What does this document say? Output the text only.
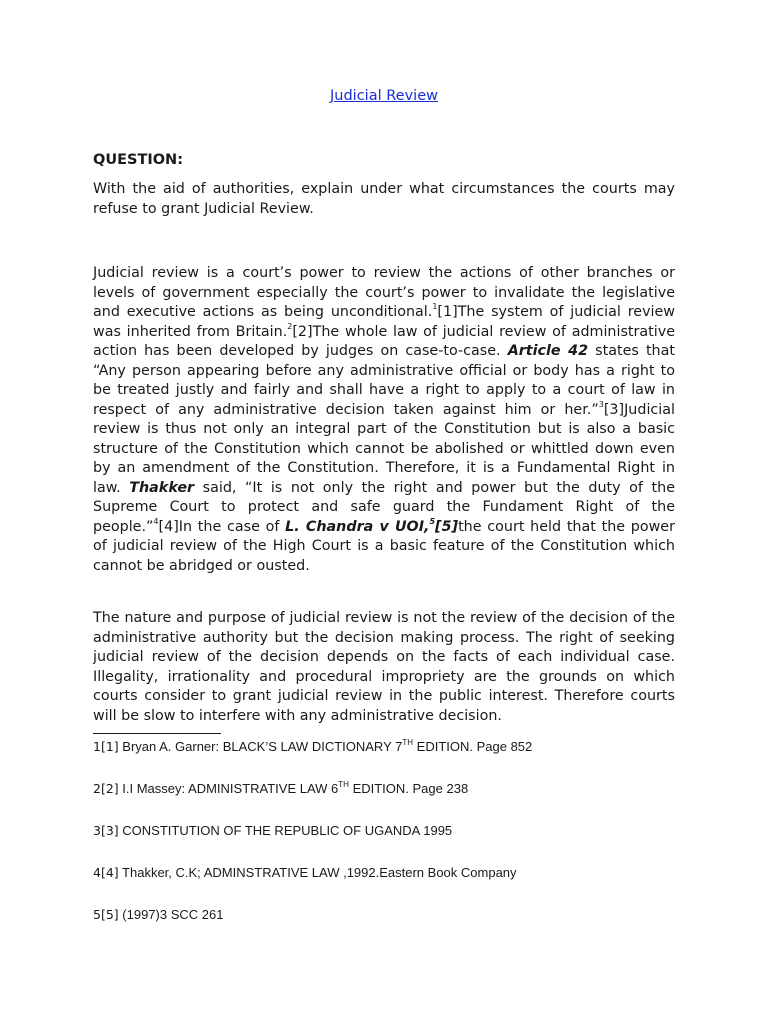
Judicial Review
QUESTION:

With the aid of authorities, explain under what circumstances the courts may refuse to grant Judicial Review.

Judicial review is a court’s power to review the actions of other branches or levels of government especially the court’s power to invalidate the legislative and executive actions as being unconditional.$^1$[1]The system of judicial review was inherited from Britain.$^2$[2]The whole law of judicial review of administrative action has been developed by judges on case-to-case. Article 42 states that “Any person appearing before any administrative official or body has a right to be treated justly and fairly and shall have a right to apply to a court of law in respect of any administrative decision taken against him or her.”$^3$[3]Judicial review is thus not only an integral part of the Constitution but is also a basic structure of the Constitution which cannot be abolished or whittled down even by an amendment of the Constitution. Therefore, it is a Fundamental Right in law. Thakker said, “It is not only the right and power but the duty of the Supreme Court to protect and safe guard the Fundament Right of the people.”$^4$[4]In the case of L. Chandra v UOI,$^5$[5]the court held that the power of judicial review of the High Court is a basic feature of the Constitution which cannot be abridged or ousted.

The nature and purpose of judicial review is not the review of the decision of the administrative authority but the decision making process. The right of seeking judicial review of the decision depends on the facts of each individual case. Illegality, irrationality and procedural impropriety are the grounds on which courts consider to grant judicial review in the public interest. Therefore courts will be slow to interfere with any administrative decision.

1[1] Bryan A. Garner: BLACK’S LAW DICTIONARY 7TH EDITION. Page 852
2[2] I.I Massey: ADMINISTRATIVE LAW 6TH EDITION. Page 238
3[3] CONSTITUTION OF THE REPUBLIC OF UGANDA 1995
4[4] Thakker, C.K; ADMINSTRATIVE LAW ,1992.Eastern Book Company
5[5] (1997)3 SCC 261
